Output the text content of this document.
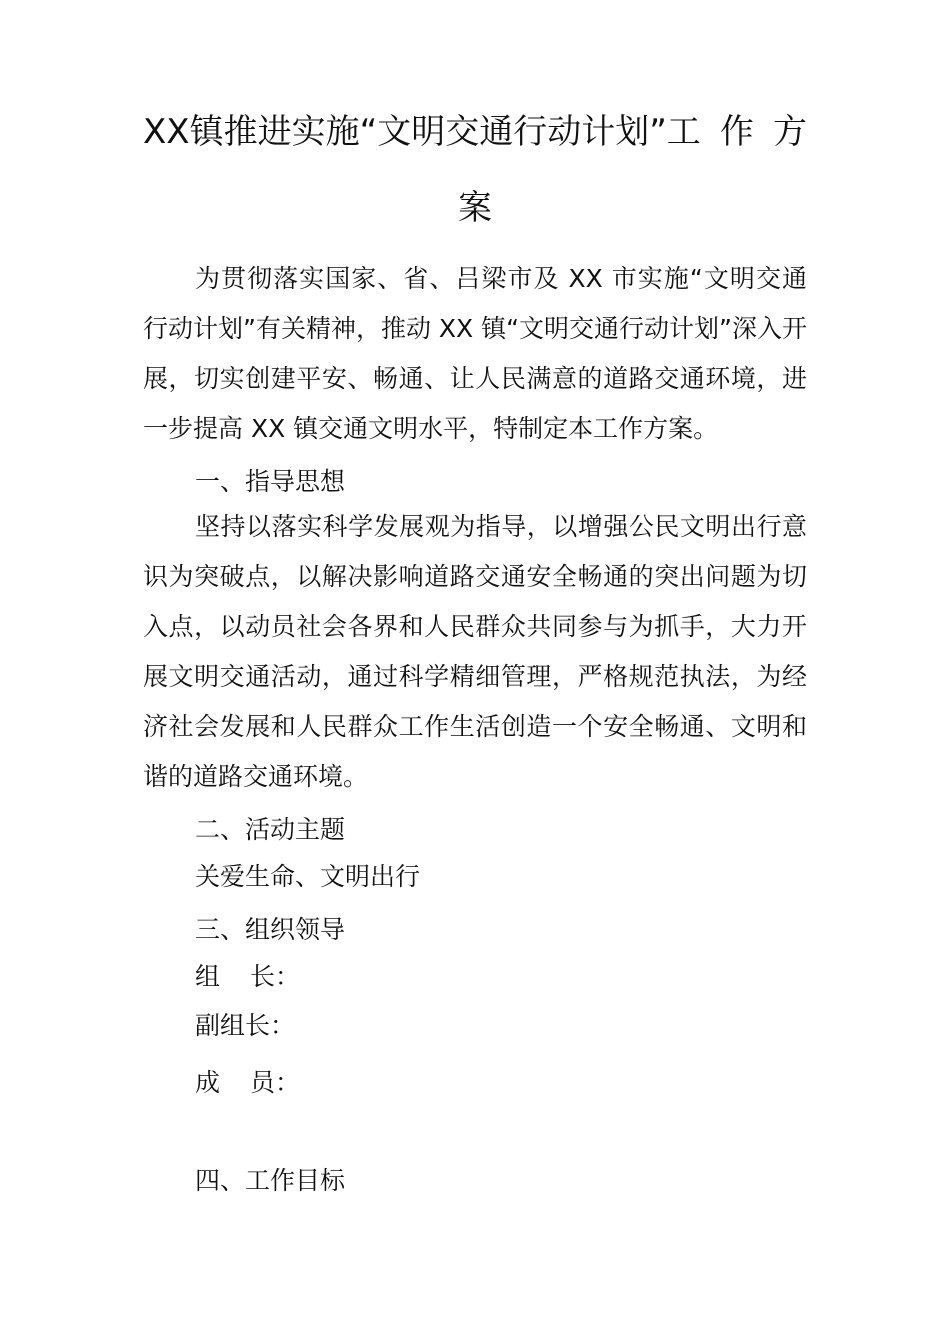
XX镇推进实施“文明交通行动计划”工 作 方
案

为贯彻落实国家、省、吕梁市及 XX 市实施“文明交通行动计划”有关精神，推动 XX 镇“文明交通行动计划”深入开展，切实创建平安、畅通、让人民满意的道路交通环境，进一步提高 XX 镇交通文明水平，特制定本工作方案。

一、指导思想

坚持以落实科学发展观为指导，以增强公民文明出行意识为突破点，以解决影响道路交通安全畅通的突出问题为切入点，以动员社会各界和人民群众共同参与为抓手，大力开展文明交通活动，通过科学精细管理，严格规范执法，为经济社会发展和人民群众工作生活创造一个安全畅通、文明和谐的道路交通环境。

二、活动主题
关爱生命、文明出行
三、组织领导
组 长：
副组长：
成 员：
四、工作目标
